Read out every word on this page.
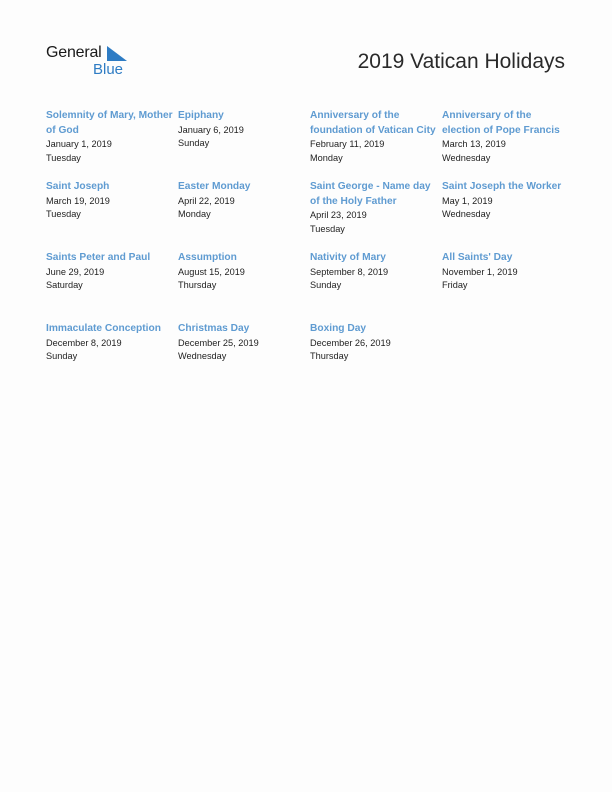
General
Blue	2019 Vatican Holidays
Solemnity of Mary, Mother of God
January 1, 2019
Tuesday
Epiphany
January 6, 2019
Sunday
Anniversary of the foundation of Vatican City
February 11, 2019
Monday
Anniversary of the election of Pope Francis
March 13, 2019
Wednesday
Saint Joseph
March 19, 2019
Tuesday
Easter Monday
April 22, 2019
Monday
Saint George - Name day of the Holy Father
April 23, 2019
Tuesday
Saint Joseph the Worker
May 1, 2019
Wednesday
Saints Peter and Paul
June 29, 2019
Saturday
Assumption
August 15, 2019
Thursday
Nativity of Mary
September 8, 2019
Sunday
All Saints' Day
November 1, 2019
Friday
Immaculate Conception
December 8, 2019
Sunday
Christmas Day
December 25, 2019
Wednesday
Boxing Day
December 26, 2019
Thursday
